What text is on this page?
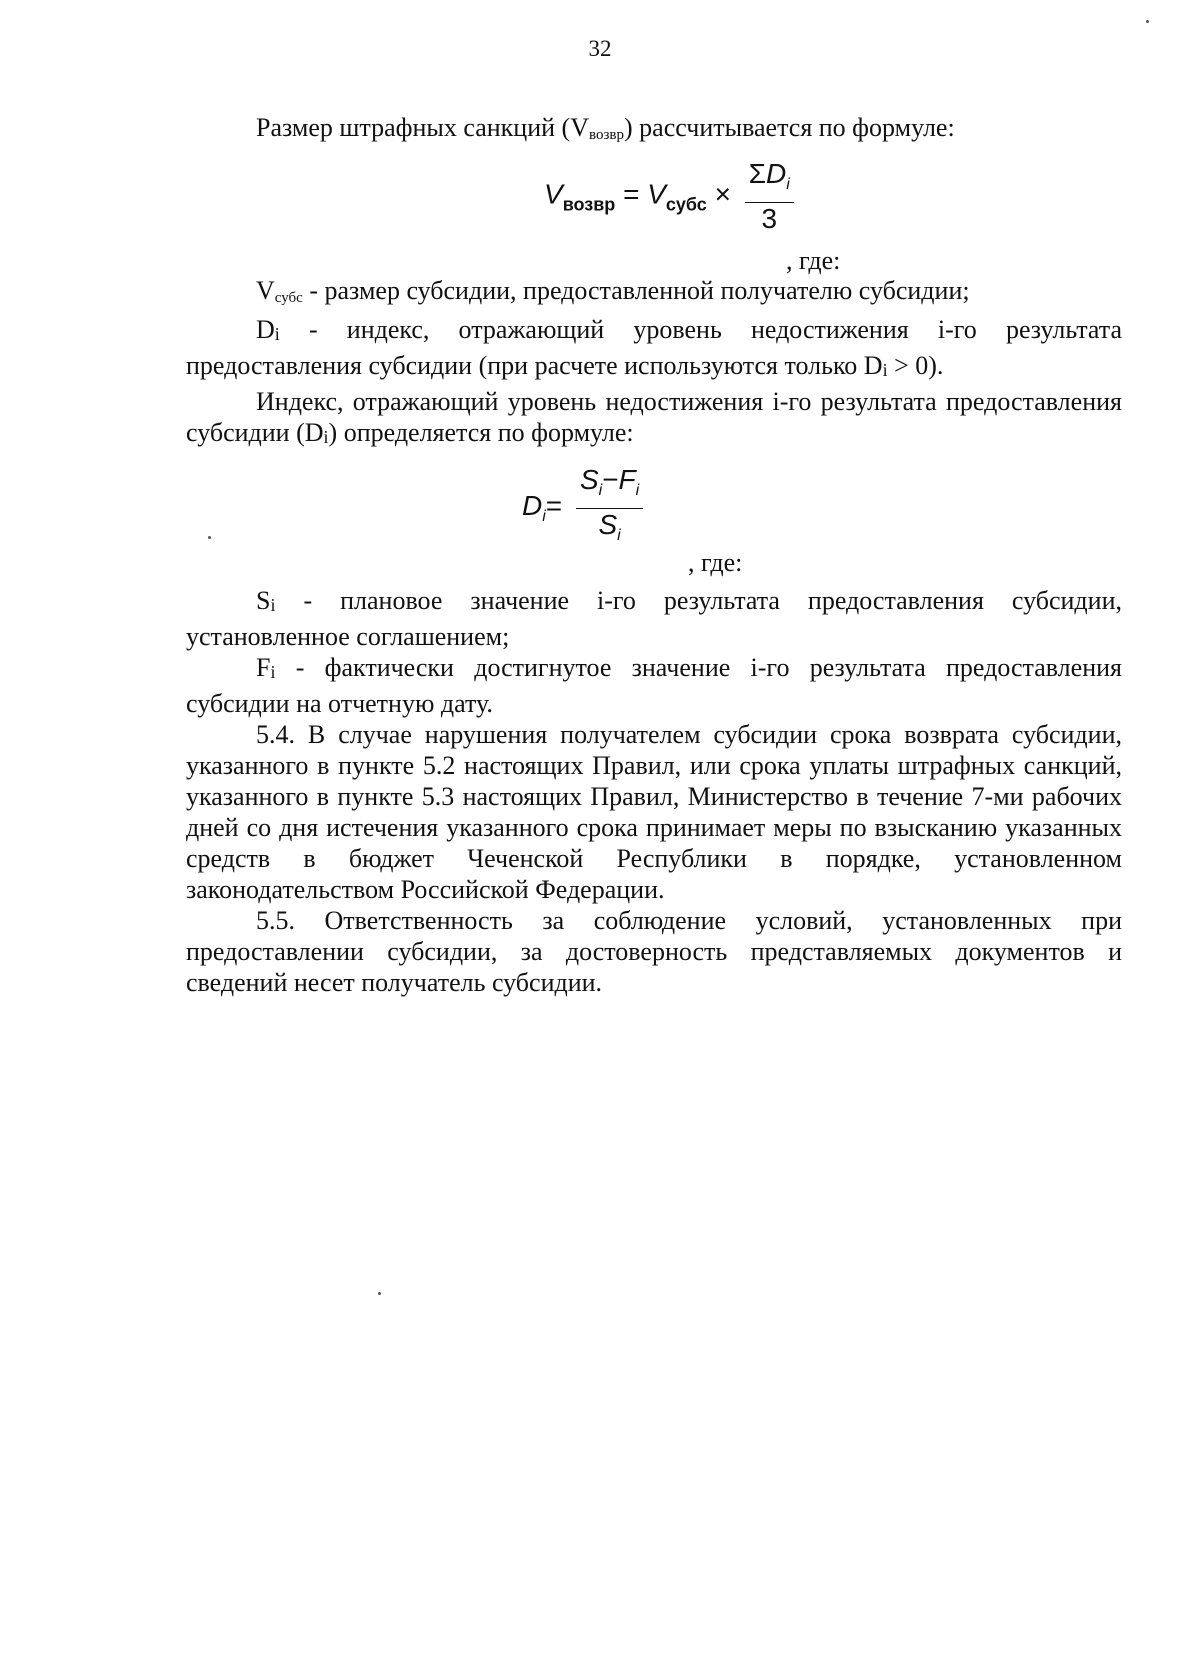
32

Размер штрафных санкций $(V_{возвр})$ рассчитывается по формуле:

$V_{возвр} = V_{субс} \times \frac{\Sigma D_i}{3}$
, где:

$V_{субс}$ - размер субсидии, предоставленной получателю субсидии;

Di - индекс, отражающий уровень недостижения i-го результата предоставления субсидии (при расчете используются только Di > 0).

Индекс, отражающий уровень недостижения i-го результата предоставления субсидии (Di) определяется по формуле:

$D_i= \frac{S_i-F_i}{S_i}$
, где:

Si - плановое значение i-го результата предоставления субсидии, установленное соглашением;

Fi - фактически достигнутое значение i-го результата предоставления субсидии на отчетную дату.

5.4. В случае нарушения получателем субсидии срока возврата субсидии, указанного в пункте 5.2 настоящих Правил, или срока уплаты штрафных санкций, указанного в пункте 5.3 настоящих Правил, Министерство в течение 7-ми рабочих дней со дня истечения указанного срока принимает меры по взысканию указанных средств в бюджет Чеченской Республики в порядке, установленном законодательством Российской Федерации.

5.5. Ответственность за соблюдение условий, установленных при предоставлении субсидии, за достоверность представляемых документов и сведений несет получатель субсидии.
